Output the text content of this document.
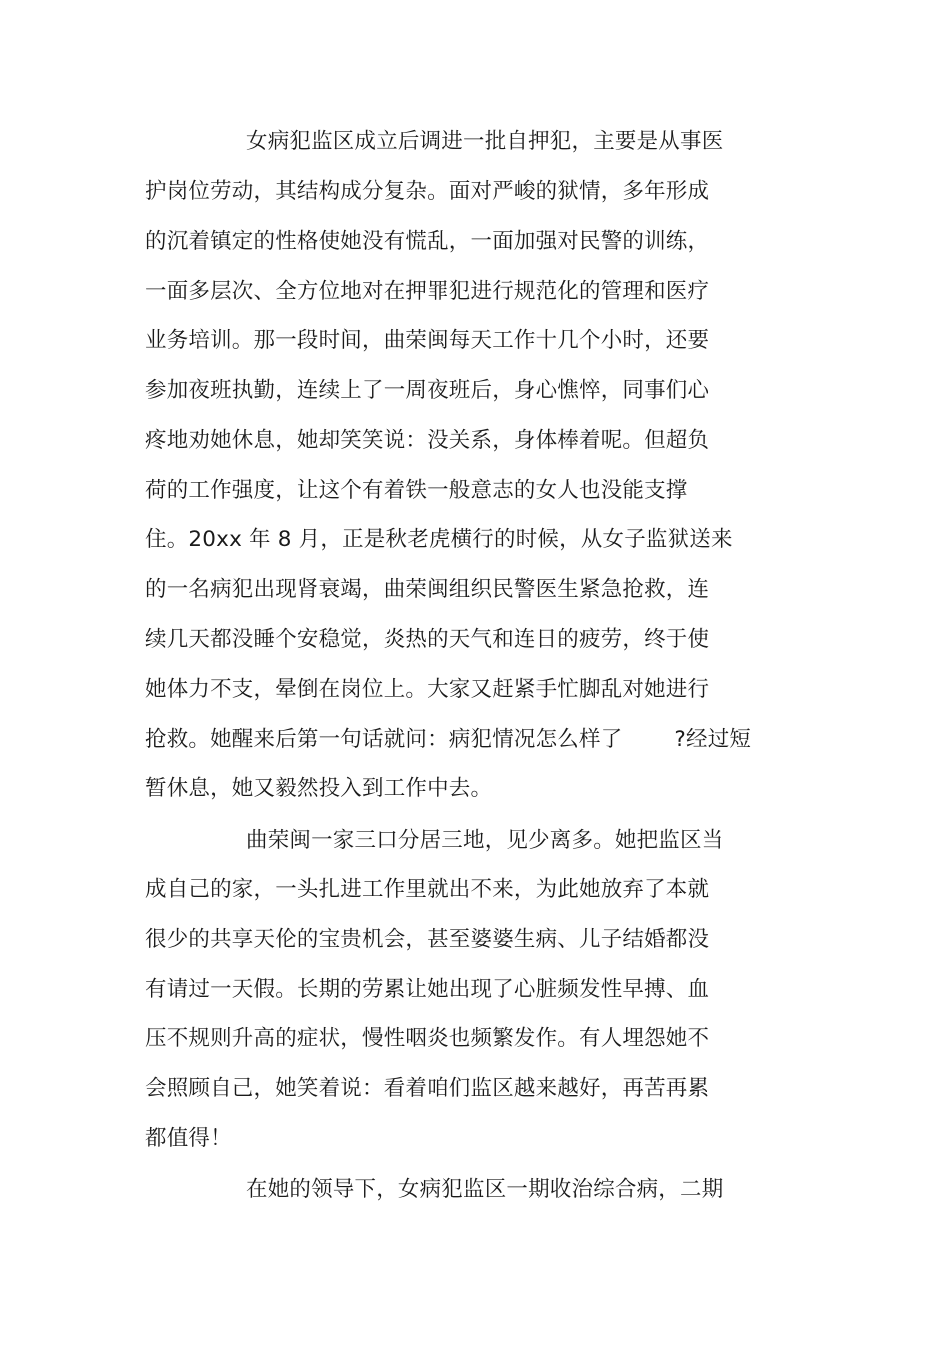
女病犯监区成立后调进一批自押犯，主要是从事医
护岗位劳动，其结构成分复杂。面对严峻的狱情，多年形成
的沉着镇定的性格使她没有慌乱，一面加强对民警的训练，
一面多层次、全方位地对在押罪犯进行规范化的管理和医疗
业务培训。那一段时间，曲荣闽每天工作十几个小时，还要
参加夜班执勤，连续上了一周夜班后，身心憔悴，同事们心
疼地劝她休息，她却笑笑说：没关系，身体棒着呢。但超负
荷的工作强度，让这个有着铁一般意志的女人也没能支撑
住。20xx 年 8 月，正是秋老虎横行的时候，从女子监狱送来
的一名病犯出现肾衰竭，曲荣闽组织民警医生紧急抢救，连
续几天都没睡个安稳觉，炎热的天气和连日的疲劳，终于使
她体力不支，晕倒在岗位上。大家又赶紧手忙脚乱对她进行
抢救。她醒来后第一句话就问：病犯情况怎么样了 ?经过短
暂休息，她又毅然投入到工作中去。
曲荣闽一家三口分居三地，见少离多。她把监区当
成自己的家，一头扎进工作里就出不来，为此她放弃了本就
很少的共享天伦的宝贵机会，甚至婆婆生病、儿子结婚都没
有请过一天假。长期的劳累让她出现了心脏频发性早搏、血
压不规则升高的症状，慢性咽炎也频繁发作。有人埋怨她不
会照顾自己，她笑着说：看着咱们监区越来越好，再苦再累
都值得！
在她的领导下，女病犯监区一期收治综合病，二期
